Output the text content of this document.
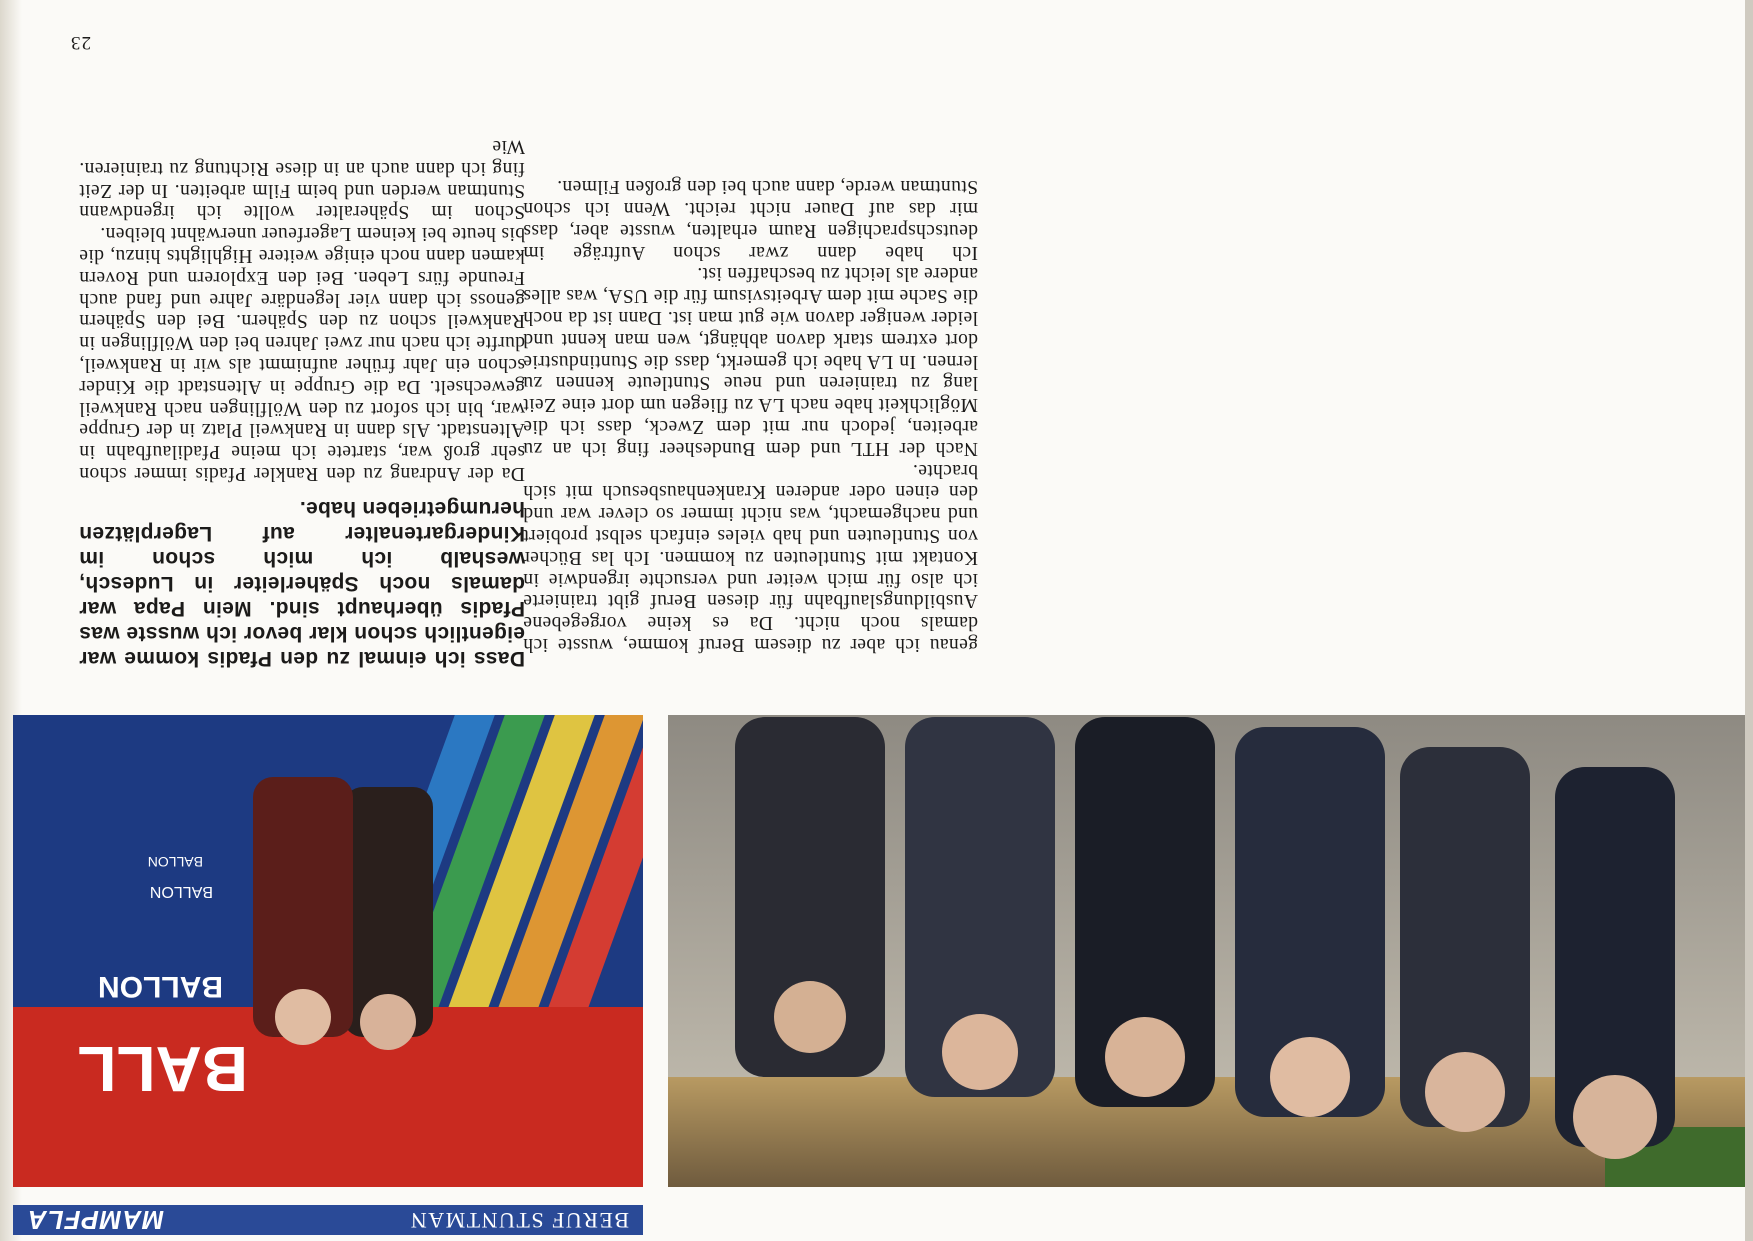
Dass ich einmal zu den Pfadis komme war eigentlich schon klar bevor ich wusste was Pfadis überhaupt sind. Mein Papa war damals noch Späherleiter in Ludesch, weshalb ich mich schon im Kindergartenalter auf Lagerplätzen herumgetrieben habe.

Da der Andrang zu den Rankler Pfadis immer schon sehr groß war, startete ich meine Pfadilaufbahn in Altenstadt. Als dann in Rankweil Platz in der Gruppe war, bin ich sofort zu den Wölflingen nach Rankweil gewechselt. Da die Gruppe in Altenstadt die Kinder schon ein Jahr früher aufnimmt als wir in Rankweil, durfte ich nach nur zwei Jahren bei den Wölflingen in Rankweil schon zu den Spähern. Bei den Spähern genoss ich dann vier legendäre Jahre und fand auch Freunde fürs Leben. Bei den Explorern und Rovern kamen dann noch einige weitere Highlights hinzu, die bis heute bei keinem Lagerfeuer unerwähnt bleiben.

Schon im Späheralter wollte ich irgendwann Stuntman werden und beim Film arbeiten. In der Zeit fing ich dann auch an in diese Richtung zu trainieren. Wie

genau ich aber zu diesem Beruf komme, wusste ich damals noch nicht. Da es keine vorgegebene Ausbildungslaufbahn für diesen Beruf gibt trainierte ich also für mich weiter und versuchte irgendwie in Kontakt mit Stuntleuten zu kommen. Ich las Bücher von Stuntleuten und hab vieles einfach selbst probiert und nachgemacht, was nicht immer so clever war und den einen oder anderen Krankenhausbesuch mit sich brachte.

Nach der HTL und dem Bundesheer fing ich an zu arbeiten, jedoch nur mit dem Zweck, dass ich die Möglichkeit habe nach LA zu fliegen um dort eine Zeit lang zu trainieren und neue Stuntleute kennen zu lernen. In LA habe ich gemerkt, dass die Stuntindustrie dort extrem stark davon abhängt, wen man kennt und leider weniger davon wie gut man ist. Dann ist da noch die Sache mit dem Arbeitsvisum für die USA, was alles andere als leicht zu beschaffen ist.

Ich habe dann zwar schon Aufträge im deutschsprachigen Raum erhalten, wusste aber, dass mir das auf Dauer nicht reicht. Wenn ich schon Stuntman werde, dann auch bei den großen Filmen.

BALL
BALLON
BALLON
BALLON
BERUF STUNTMAN
MAMPFLA
23
